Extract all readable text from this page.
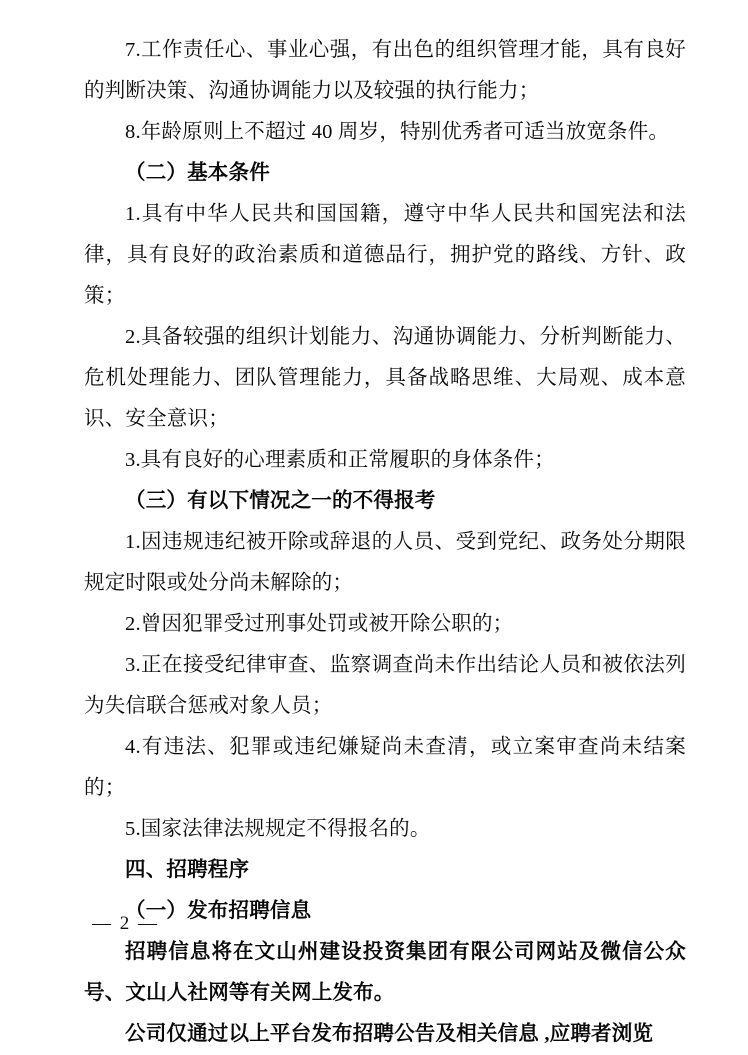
7.工作责任心、事业心强，有出色的组织管理才能，具有良好的判断决策、沟通协调能力以及较强的执行能力；

8.年龄原则上不超过 40 周岁，特别优秀者可适当放宽条件。

（二）基本条件

1.具有中华人民共和国国籍，遵守中华人民共和国宪法和法律，具有良好的政治素质和道德品行，拥护党的路线、方针、政策；

2.具备较强的组织计划能力、沟通协调能力、分析判断能力、危机处理能力、团队管理能力，具备战略思维、大局观、成本意识、安全意识；

3.具有良好的心理素质和正常履职的身体条件；

（三）有以下情况之一的不得报考

1.因违规违纪被开除或辞退的人员、受到党纪、政务处分期限规定时限或处分尚未解除的；

2.曾因犯罪受过刑事处罚或被开除公职的；

3.正在接受纪律审查、监察调查尚未作出结论人员和被依法列为失信联合惩戒对象人员；

4.有违法、犯罪或违纪嫌疑尚未查清，或立案审查尚未结案的；

5.国家法律法规规定不得报名的。

四、招聘程序

（一）发布招聘信息

招聘信息将在文山州建设投资集团有限公司网站及微信公众号、文山人社网等有关网上发布。

公司仅通过以上平台发布招聘公告及相关信息 ,应聘者浏览

— 2 —
